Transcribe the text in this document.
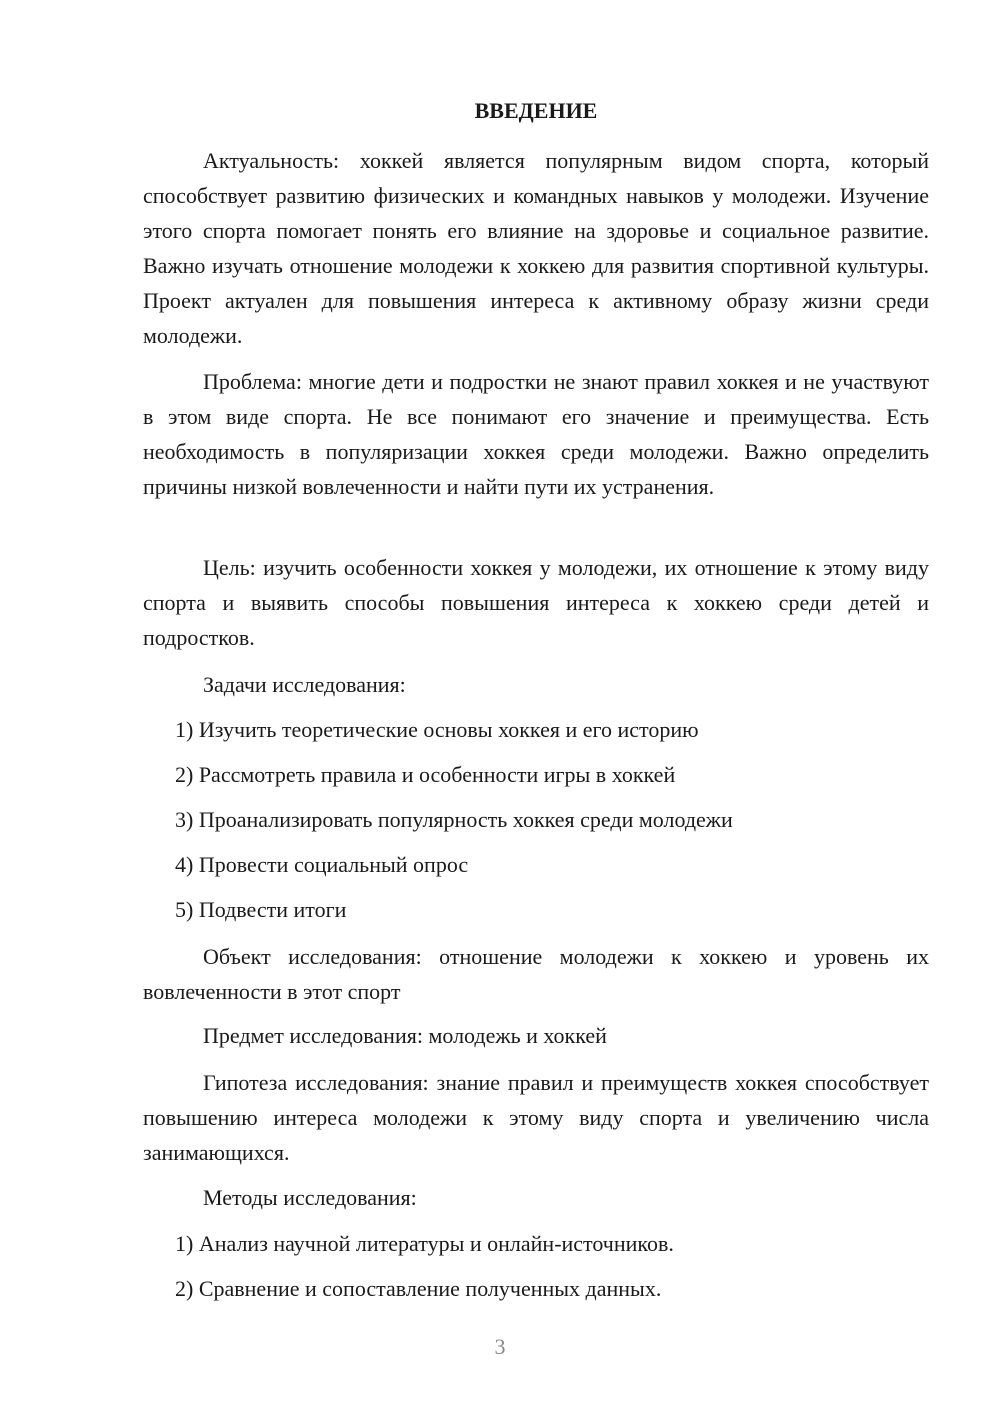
ВВЕДЕНИЕ

Актуальность: хоккей является популярным видом спорта, который способствует развитию физических и командных навыков у молодежи. Изучение этого спорта помогает понять его влияние на здоровье и социальное развитие. Важно изучать отношение молодежи к хоккею для развития спортивной культуры. Проект актуален для повышения интереса к активному образу жизни среди молодежи.

Проблема: многие дети и подростки не знают правил хоккея и не участвуют в этом виде спорта. Не все понимают его значение и преимущества. Есть необходимость в популяризации хоккея среди молодежи. Важно определить причины низкой вовлеченности и найти пути их устранения.

Цель: изучить особенности хоккея у молодежи, их отношение к этому виду спорта и выявить способы повышения интереса к хоккею среди детей и подростков.

Задачи исследования:

1) Изучить теоретические основы хоккея и его историю

2) Рассмотреть правила и особенности игры в хоккей

3) Проанализировать популярность хоккея среди молодежи

4) Провести социальный опрос

5) Подвести итоги

Объект исследования: отношение молодежи к хоккею и уровень их вовлеченности в этот спорт

Предмет исследования: молодежь и хоккей

Гипотеза исследования: знание правил и преимуществ хоккея способствует повышению интереса молодежи к этому виду спорта и увеличению числа занимающихся.

Методы исследования:

1) Анализ научной литературы и онлайн-источников.

2) Сравнение и сопоставление полученных данных.

3
